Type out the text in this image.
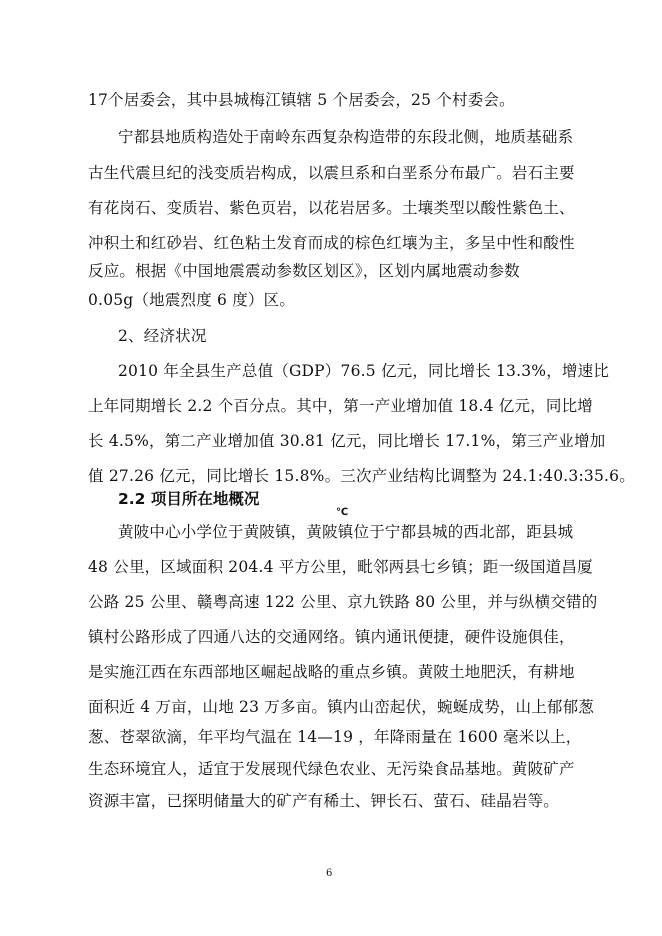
17个居委会，其中县城梅江镇辖 5 个居委会，25 个村委会。
宁都县地质构造处于南岭东西复杂构造带的东段北侧，地质基础系
古生代震旦纪的浅变质岩构成，以震旦系和白垩系分布最广。岩石主要
有花岗石、变质岩、紫色页岩，以花岩居多。土壤类型以酸性紫色土、
冲积土和红砂岩、红色粘土发育而成的棕色红壤为主，多呈中性和酸性
反应。根据《中国地震震动参数区划区》，区划内属地震动参数
0.05g（地震烈度 6 度）区。
2、经济状况
2010 年全县生产总值（GDP）76.5 亿元，同比增长 13.3%，增速比
上年同期增长 2.2 个百分点。其中，第一产业增加值 18.4 亿元，同比增
长 4.5%，第二产业增加值 30.81 亿元，同比增长 17.1%，第三产业增加
值 27.26 亿元，同比增长 15.8%。三次产业结构比调整为 24.1:40.3:35.6。
2.2 项目所在地概况
℃
黄陂中心小学位于黄陂镇，黄陂镇位于宁都县城的西北部，距县城
48 公里，区域面积 204.4 平方公里，毗邻两县七乡镇；距一级国道昌厦
公路 25 公里、赣粤高速 122 公里、京九铁路 80 公里，并与纵横交错的
镇村公路形成了四通八达的交通网络。镇内通讯便捷，硬件设施俱佳，
是实施江西在东西部地区崛起战略的重点乡镇。黄陂土地肥沃，有耕地
面积近 4 万亩，山地 23 万多亩。镇内山峦起伏，蜿蜒成势，山上郁郁葱
葱、苍翠欲滴，年平均气温在 14—19 ，年降雨量在 1600 毫米以上，
生态环境宜人，适宜于发展现代绿色农业、无污染食品基地。黄陂矿产
资源丰富，已探明储量大的矿产有稀土、钾长石、萤石、硅晶岩等。
6
